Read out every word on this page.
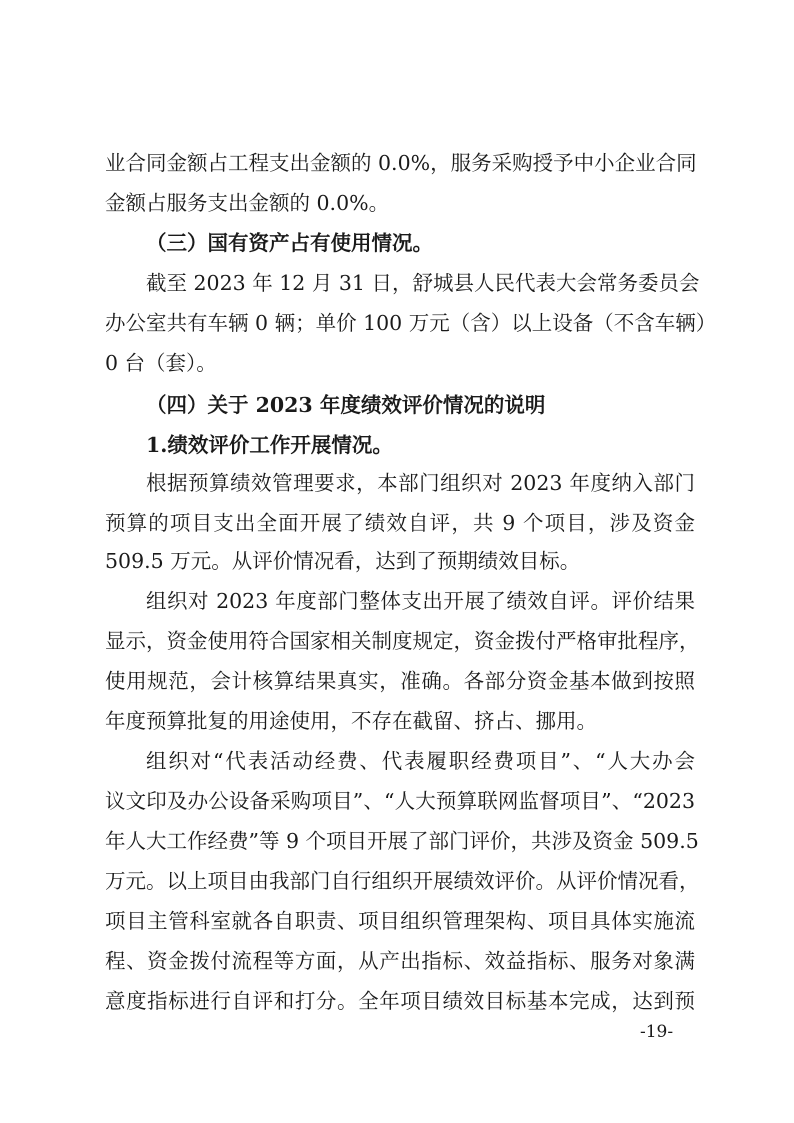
业合同金额占工程支出金额的 0.0%，服务采购授予中小企业合同
金额占服务支出金额的 0.0%。
（三）国有资产占有使用情况。
截至 2023 年 12 月 31 日，舒城县人民代表大会常务委员会
办公室共有车辆 0 辆；单价 100 万元（含）以上设备（不含车辆）
0 台（套）。
（四）关于 2023 年度绩效评价情况的说明
1.绩效评价工作开展情况。
根据预算绩效管理要求，本部门组织对 2023 年度纳入部门
预算的项目支出全面开展了绩效自评，共 9 个项目，涉及资金
509.5 万元。从评价情况看，达到了预期绩效目标。
组织对 2023 年度部门整体支出开展了绩效自评。评价结果
显示，资金使用符合国家相关制度规定，资金拨付严格审批程序，
使用规范，会计核算结果真实，准确。各部分资金基本做到按照
年度预算批复的用途使用，不存在截留、挤占、挪用。
组织对“代表活动经费、代表履职经费项目”、“人大办会
议文印及办公设备采购项目”、“人大预算联网监督项目”、“2023
年人大工作经费”等 9 个项目开展了部门评价，共涉及资金 509.5
万元。以上项目由我部门自行组织开展绩效评价。从评价情况看，
项目主管科室就各自职责、项目组织管理架构、项目具体实施流
程、资金拨付流程等方面，从产出指标、效益指标、服务对象满
意度指标进行自评和打分。全年项目绩效目标基本完成，达到预
-19-
